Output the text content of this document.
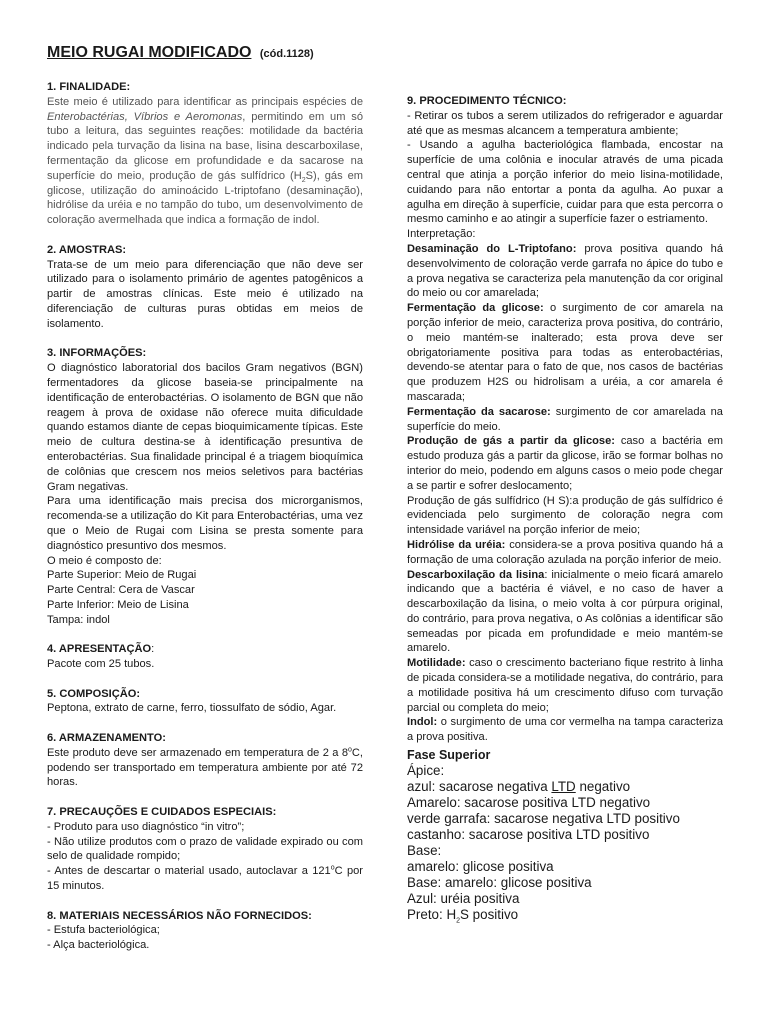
MEIO RUGAI MODIFICADO (cód.1128)
1. FINALIDADE:

Este meio é utilizado para identificar as principais espécies de Enterobactérias, Víbrios e Aeromonas, permitindo em um só tubo a leitura, das seguintes reações: motilidade da bactéria indicado pela turvação da lisina na base, lisina descarboxilase, fermentação da glicose em profundidade e da sacarose na superfície do meio, produção de gás sulfídrico $(H_2S)$, gás em glicose, utilização do aminoácido L-triptofano (desaminação), hidrólise da uréia e no tampão do tubo, um desenvolvimento de coloração avermelhada que indica a formação de indol.

2. AMOSTRAS:

Trata-se de um meio para diferenciação que não deve ser utilizado para o isolamento primário de agentes patogênicos a partir de amostras clínicas. Este meio é utilizado na diferenciação de culturas puras obtidas em meios de isolamento.

3. INFORMAÇÕES:

O diagnóstico laboratorial dos bacilos Gram negativos (BGN) fermentadores da glicose baseia-se principalmente na identificação de enterobactérias. O isolamento de BGN que não reagem à prova de oxidase não oferece muita dificuldade quando estamos diante de cepas bioquimicamente típicas. Este meio de cultura destina-se à identificação presuntiva de enterobactérias. Sua finalidade principal é a triagem bioquímica de colônias que crescem nos meios seletivos para bactérias Gram negativas.

Para uma identificação mais precisa dos microrganismos, recomenda-se a utilização do Kit para Enterobactérias, uma vez que o Meio de Rugai com Lisina se presta somente para diagnóstico presuntivo dos mesmos.

O meio é composto de:

Parte Superior: Meio de Rugai

Parte Central: Cera de Vascar

Parte Inferior: Meio de Lisina

Tampa: indol

4. APRESENTAÇÃO:

Pacote com 25 tubos.

5. COMPOSIÇÃO:

Peptona, extrato de carne, ferro, tiossulfato de sódio, Agar.

6. ARMAZENAMENTO:

Este produto deve ser armazenado em temperatura de 2 a 8$^o$C, podendo ser transportado em temperatura ambiente por até 72 horas.

7. PRECAUÇÕES E CUIDADOS ESPECIAIS:

- Produto para uso diagnóstico “in vitro”;

- Não utilize produtos com o prazo de validade expirado ou com selo de qualidade rompido;

- Antes de descartar o material usado, autoclavar a 121$^o$C por 15 minutos.

8. MATERIAIS NECESSÁRIOS NÃO FORNECIDOS:

- Estufa bacteriológica;

- Alça bacteriológica.

9. PROCEDIMENTO TÉCNICO:

- Retirar os tubos a serem utilizados do refrigerador e aguardar até que as mesmas alcancem a temperatura ambiente;

- Usando a agulha bacteriológica flambada, encostar na superfície de uma colônia e inocular através de uma picada central que atinja a porção inferior do meio lisina-motilidade, cuidando para não entortar a ponta da agulha. Ao puxar a agulha em direção à superfície, cuidar para que esta percorra o mesmo caminho e ao atingir a superfície fazer o estriamento.

Interpretação:

Desaminação do L-Triptofano: prova positiva quando há desenvolvimento de coloração verde garrafa no ápice do tubo e a prova negativa se caracteriza pela manutenção da cor original do meio ou cor amarelada;

Fermentação da glicose: o surgimento de cor amarela na porção inferior de meio, caracteriza prova positiva, do contrário, o meio mantém-se inalterado; esta prova deve ser obrigatoriamente positiva para todas as enterobactérias, devendo-se atentar para o fato de que, nos casos de bactérias que produzem H2S ou hidrolisam a uréia, a cor amarela é mascarada;

Fermentação da sacarose: surgimento de cor amarelada na superfície do meio.

Produção de gás a partir da glicose: caso a bactéria em estudo produza gás a partir da glicose, irão se formar bolhas no interior do meio, podendo em alguns casos o meio pode chegar a se partir e sofrer deslocamento;

Produção de gás sulfídrico (H S):a produção de gás sulfídrico é evidenciada pelo surgimento de coloração negra com intensidade variável na porção inferior de meio;

Hidrólise da uréia: considera-se a prova positiva quando há a formação de uma coloração azulada na porção inferior de meio.

Descarboxilação da lisina: inicialmente o meio ficará amarelo indicando que a bactéria é viável, e no caso de haver a descarboxilação da lisina, o meio volta à cor púrpura original, do contrário, para prova negativa, o As colônias a identificar são semeadas por picada em profundidade e meio mantém-se amarelo.

Motilidade: caso o crescimento bacteriano fique restrito à linha de picada considera-se a motilidade negativa, do contrário, para a motilidade positiva há um crescimento difuso com turvação parcial ou completa do meio;

Indol: o surgimento de uma cor vermelha na tampa caracteriza a prova positiva.

Fase Superior

Ápice:

azul: sacarose negativa LTD negativo

Amarelo: sacarose positiva LTD negativo

verde garrafa: sacarose negativa LTD positivo

castanho: sacarose positiva LTD positivo

Base:

amarelo: glicose positiva

Base: amarelo: glicose positiva

Azul: uréia positiva

Preto: $H_2S$ positivo
